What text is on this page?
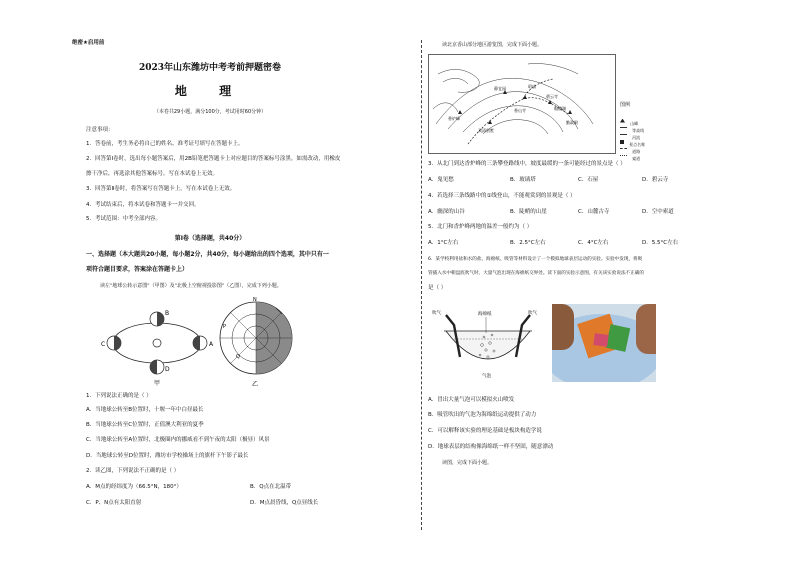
绝密★启用前
2023年山东潍坊中考考前押题密卷
地 理
（本卷共29小题，满分100分，考试用时60分钟）
注意事项：
1．答卷前，考生务必将自己的姓名、准考证号填写在答题卡上。
2．回答第Ⅰ卷时，选出每小题答案后，用2B铅笔把答题卡上对应题目的答案标号涂黑。如需改动，用橡皮
擦干净后，再选涂其他答案标号。写在本试卷上无效。
3．回答第Ⅱ卷时，将答案写在答题卡上。写在本试卷上无效。
4．考试结束后，将本试卷和答题卡一并交回。
5．考试范围：中考全部内容。
第Ⅰ卷（选择题，共40分）
一、选择题（本大题共20小题，每小题2分，共40分，每小题给出的四个选项，其中只有一
项符合题目要求，答案涂在答题卡上）
读左"地球公转示意图"（甲图）及"北极上空俯视投影图"（乙图），完成下列小题。
B
D
C	A
甲
N
P
Q
乙
1．下列说法正确的是（ ）
A．当地球公转至B位置时，十堰一年中白昼最长
B．当地球公转至C位置时，正值澳大利亚的夏季
C．当地球公转至A位置时，北极圈内的挪威看不到午夜的太阳（极昼）风景
D．当地球公转至D位置时，潍坊市学校操场上的旗杆下午影子最长
2．读乙图，下列说法不正确的是（ ）
A．M点的经纬度为（66.5°N，180°）	B．Q点在北温带
C．P、N点有太阳直射	D．M点晨昏线，Q点昼线长
读北京香山部分地区游览图，完成下面小题。
香炉峰
双清别墅
碧云寺
眼镜湖
香山寺
静宜园	昭庙
勤政殿
图例
山峰
等高线
河流
景点名称
道路
索道
3．从北门到达香炉峰的三条攀登路线中，坡度最缓的一条可能经过的景点是（ ）
A．鬼见愁	B．玻璃塔	C．石屋	D．碧云寺
4．若选择三条线路中的①线登山，不能观赏到的景观是（ ）
A．幽深的山谷	B．陡峭的山崖	C．山麓古寺	D．空中索道
5．北门和香炉峰两地的温差一般约为（ ）
A．1°C左右	B．2.5°C左右	C．4°C左右	D．5.5°C左右
6．某学校利用盐和水的盐、海绵纸、吸管等材料设计了一个模拟地球表层运动的实验。实验中发现，将吸
管插入水中朝盘底吹气时，大量气泡出现在海绵纸交界处。读下面的实验示意图，有关该实验说法不正确的
是（ ）
吹气	吹气
海绵纸
气泡
A．冒出大量气泡可以模拟火山喷发
B．吸管吹出的气泡为海绵纸运动提供了动力
C．可以解释该实验的理论基础是板块构造学说
D．地球表层的结构像海绵纸一样不坚固，随意漂动
读图，完成下面小题。
